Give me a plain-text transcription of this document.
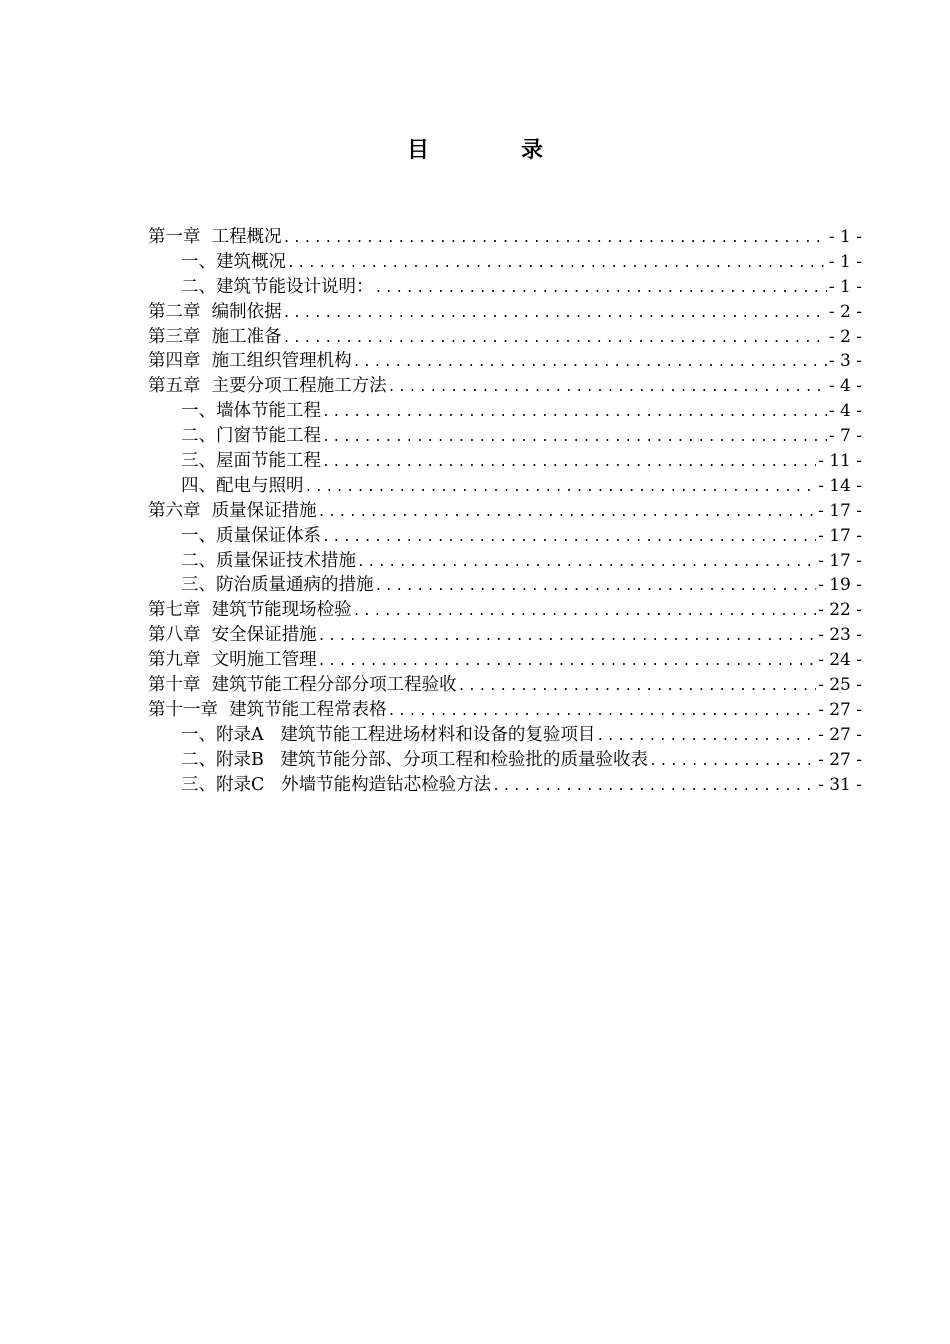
目	录
第一章  工程概况 .....	- 1 -
一、建筑概况 .....	- 1 -
二、建筑节能设计说明： .....	- 1 -
第二章  编制依据 .....	- 2 -
第三章  施工准备 .....	- 2 -
第四章  施工组织管理机构 .....	- 3 -
第五章  主要分项工程施工方法 .....	- 4 -
一、墙体节能工程 .....	- 4 -
二、门窗节能工程 .....	- 7 -
三、屋面节能工程 .....	- 11 -
四、配电与照明 .....	- 14 -
第六章  质量保证措施 .....	- 17 -
一、质量保证体系 .....	- 17 -
二、质量保证技术措施 .....	- 17 -
三、防治质量通病的措施 .....	- 19 -
第七章  建筑节能现场检验 .....	- 22 -
第八章  安全保证措施 .....	- 23 -
第九章  文明施工管理 .....	- 24 -
第十章  建筑节能工程分部分项工程验收 .....	- 25 -
第十一章  建筑节能工程常表格 .....	- 27 -
一、附录A   建筑节能工程进场材料和设备的复验项目 .....	- 27 -
二、附录B   建筑节能分部、分项工程和检验批的质量验收表 .....	- 27 -
三、附录C   外墙节能构造钻芯检验方法 .....	- 31 -
